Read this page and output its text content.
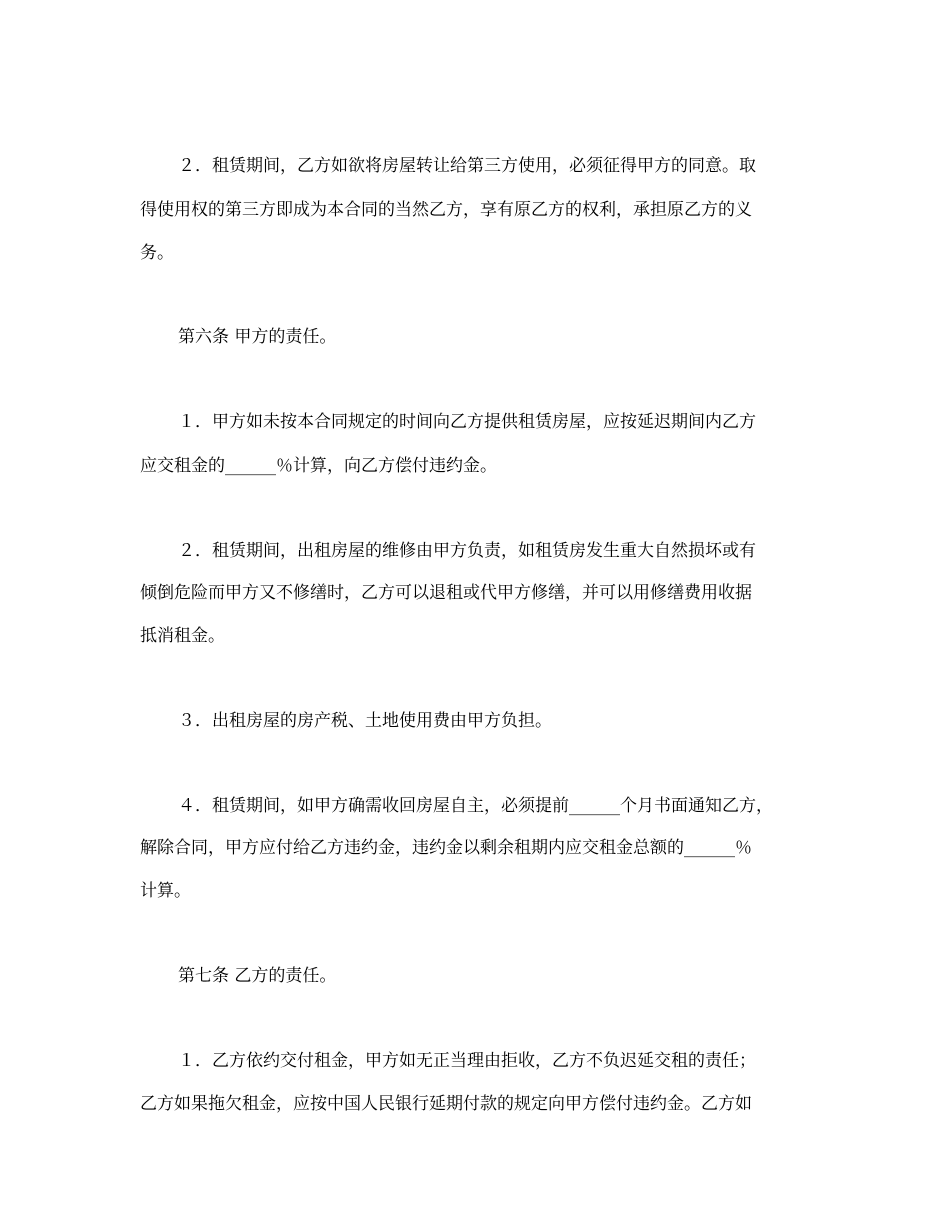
２．租赁期间，乙方如欲将房屋转让给第三方使用，必须征得甲方的同意。取

得使用权的第三方即成为本合同的当然乙方，享有原乙方的权利，承担原乙方的义

务。

第六条 甲方的责任。

１．甲方如未按本合同规定的时间向乙方提供租赁房屋，应按延迟期间内乙方

应交租金的______％计算，向乙方偿付违约金。

２．租赁期间，出租房屋的维修由甲方负责，如租赁房发生重大自然损坏或有

倾倒危险而甲方又不修缮时，乙方可以退租或代甲方修缮，并可以用修缮费用收据

抵消租金。

３．出租房屋的房产税、土地使用费由甲方负担。

４．租赁期间，如甲方确需收回房屋自主，必须提前______个月书面通知乙方，

解除合同，甲方应付给乙方违约金，违约金以剩余租期内应交租金总额的______％

计算。

第七条 乙方的责任。

１．乙方依约交付租金，甲方如无正当理由拒收，乙方不负迟延交租的责任；

乙方如果拖欠租金，应按中国人民银行延期付款的规定向甲方偿付违约金。乙方如
